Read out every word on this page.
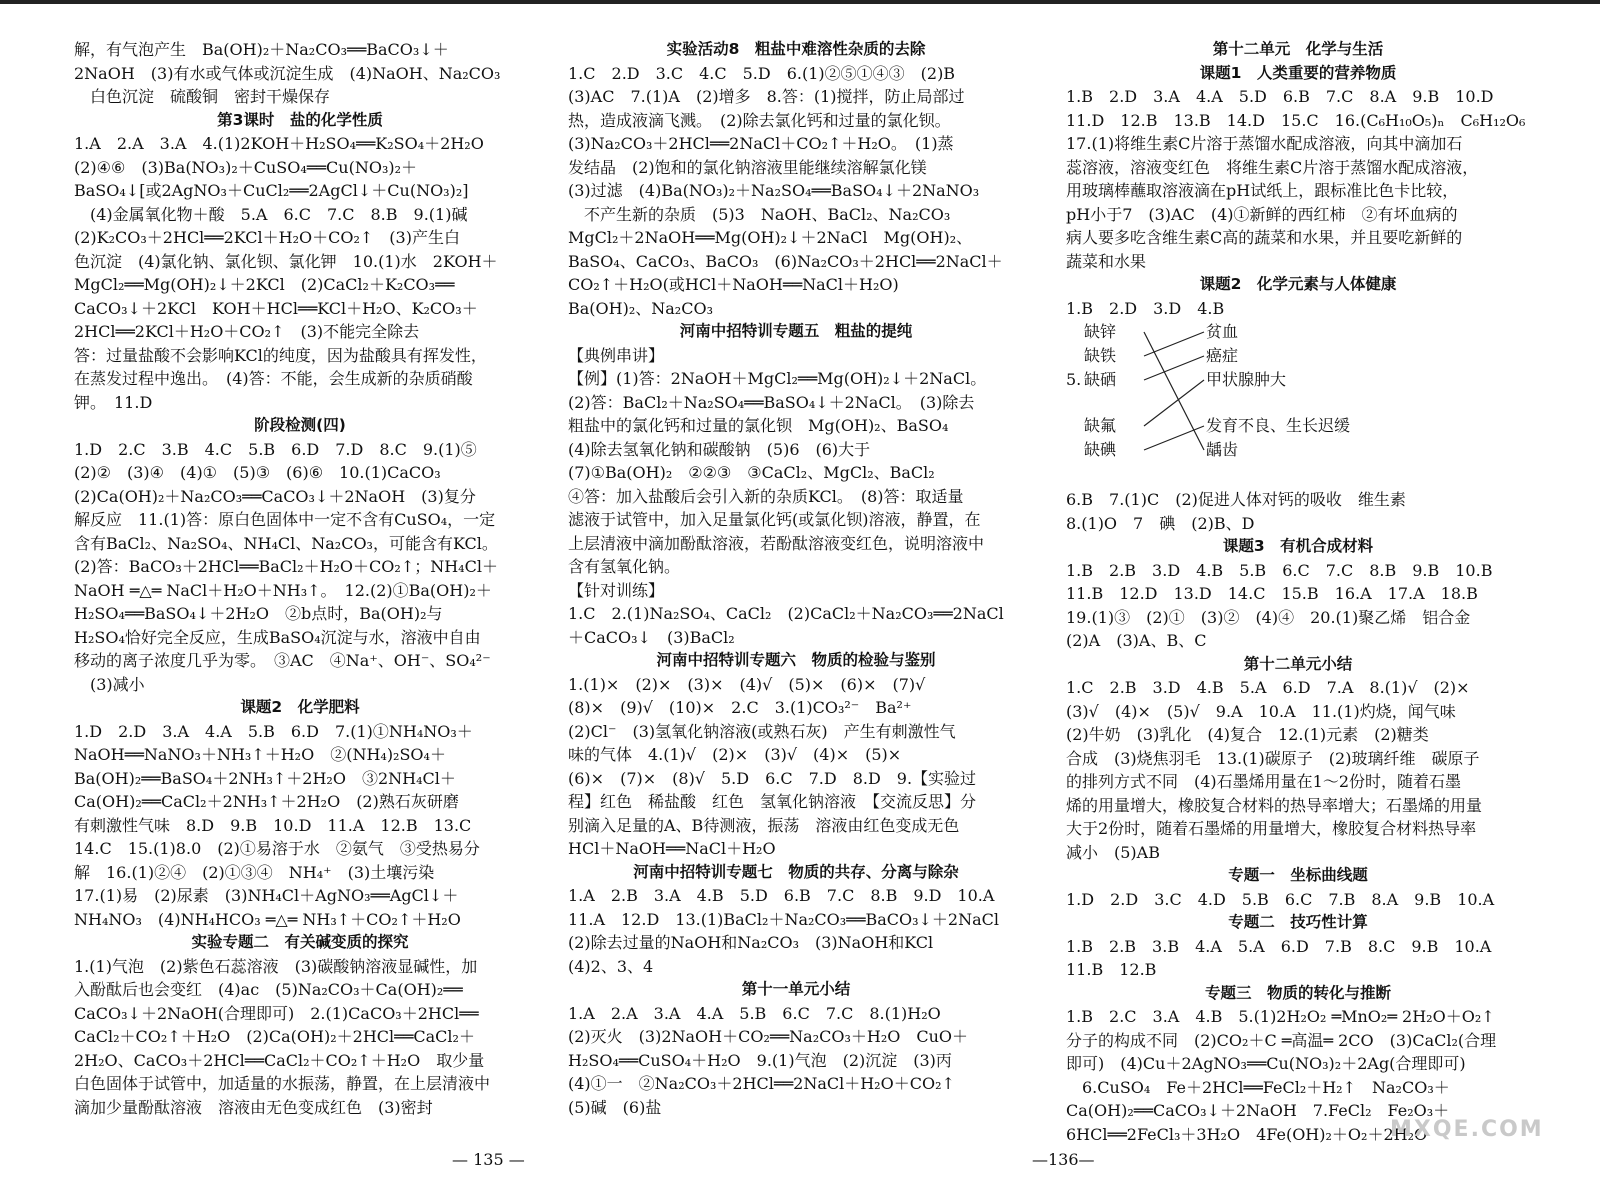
解，有气泡产生　Ba(OH)₂＋Na₂CO₃══BaCO₃↓＋
2NaOH　(3)有水或气体或沉淀生成　(4)NaOH、Na₂CO₃
　白色沉淀　硫酸铜　密封干燥保存
第3课时　盐的化学性质
1.A　2.A　3.A　4.(1)2KOH＋H₂SO₄══K₂SO₄＋2H₂O
(2)④⑥　(3)Ba(NO₃)₂＋CuSO₄══Cu(NO₃)₂＋
BaSO₄↓[或2AgNO₃＋CuCl₂══2AgCl↓＋Cu(NO₃)₂]
　(4)金属氧化物＋酸　5.A　6.C　7.C　8.B　9.(1)碱
(2)K₂CO₃＋2HCl══2KCl＋H₂O＋CO₂↑　(3)产生白
色沉淀　(4)氯化钠、氯化钡、氯化钾　10.(1)水　2KOH＋
MgCl₂══Mg(OH)₂↓＋2KCl　(2)CaCl₂＋K₂CO₃══
CaCO₃↓＋2KCl　KOH＋HCl══KCl＋H₂O、K₂CO₃＋
2HCl══2KCl＋H₂O＋CO₂↑　(3)不能完全除去
答：过量盐酸不会影响KCl的纯度，因为盐酸具有挥发性，
在蒸发过程中逸出。　(4)答：不能，会生成新的杂质硝酸
钾。　11.D
阶段检测(四)
1.D　2.C　3.B　4.C　5.B　6.D　7.D　8.C　9.(1)⑤
(2)②　(3)④　(4)①　(5)③　(6)⑥　10.(1)CaCO₃
(2)Ca(OH)₂＋Na₂CO₃══CaCO₃↓＋2NaOH　(3)复分
解反应　11.(1)答：原白色固体中一定不含有CuSO₄，一定
含有BaCl₂、Na₂SO₄、NH₄Cl、Na₂CO₃，可能含有KCl。
(2)答：BaCO₃＋2HCl══BaCl₂＋H₂O＋CO₂↑；NH₄Cl＋
NaOH ═△═ NaCl＋H₂O＋NH₃↑。　12.(2)①Ba(OH)₂＋
H₂SO₄══BaSO₄↓＋2H₂O　②b点时，Ba(OH)₂与
H₂SO₄恰好完全反应，生成BaSO₄沉淀与水，溶液中自由
移动的离子浓度几乎为零。　③AC　④Na⁺、OH⁻、SO₄²⁻
　(3)减小
课题2　化学肥料
1.D　2.D　3.A　4.A　5.B　6.D　7.(1)①NH₄NO₃＋
NaOH══NaNO₃＋NH₃↑＋H₂O　②(NH₄)₂SO₄＋
Ba(OH)₂══BaSO₄＋2NH₃↑＋2H₂O　③2NH₄Cl＋
Ca(OH)₂══CaCl₂＋2NH₃↑＋2H₂O　(2)熟石灰研磨
有刺激性气味　8.D　9.B　10.D　11.A　12.B　13.C
14.C　15.(1)8.0　(2)①易溶于水　②氨气　③受热易分
解　16.(1)②④　(2)①③④　NH₄⁺　(3)土壤污染
17.(1)易　(2)尿素　(3)NH₄Cl＋AgNO₃══AgCl↓＋
NH₄NO₃　(4)NH₄HCO₃ ═△═ NH₃↑＋CO₂↑＋H₂O
实验专题二　有关碱变质的探究
1.(1)气泡　(2)紫色石蕊溶液　(3)碳酸钠溶液显碱性，加
入酚酞后也会变红　(4)ac　(5)Na₂CO₃＋Ca(OH)₂══
CaCO₃↓＋2NaOH(合理即可)　2.(1)CaCO₃＋2HCl══
CaCl₂＋CO₂↑＋H₂O　(2)Ca(OH)₂＋2HCl══CaCl₂＋
2H₂O、CaCO₃＋2HCl══CaCl₂＋CO₂↑＋H₂O　取少量
白色固体于试管中，加适量的水振荡，静置，在上层清液中
滴加少量酚酞溶液　溶液由无色变成红色　(3)密封
实验活动8　粗盐中难溶性杂质的去除
1.C　2.D　3.C　4.C　5.D　6.(1)②⑤①④③　(2)B
(3)AC　7.(1)A　(2)增多　8.答：(1)搅拌，防止局部过
热，造成液滴飞溅。　(2)除去氯化钙和过量的氯化钡。
(3)Na₂CO₃＋2HCl══2NaCl＋CO₂↑＋H₂O。　(1)蒸
发结晶　(2)饱和的氯化钠溶液里能继续溶解氯化镁
(3)过滤　(4)Ba(NO₃)₂＋Na₂SO₄══BaSO₄↓＋2NaNO₃
　不产生新的杂质　(5)3　NaOH、BaCl₂、Na₂CO₃
MgCl₂＋2NaOH══Mg(OH)₂↓＋2NaCl　Mg(OH)₂、
BaSO₄、CaCO₃、BaCO₃　(6)Na₂CO₃＋2HCl══2NaCl＋
CO₂↑＋H₂O(或HCl＋NaOH══NaCl＋H₂O)
Ba(OH)₂、Na₂CO₃
河南中招特训专题五　粗盐的提纯
【典例串讲】
【例】(1)答：2NaOH＋MgCl₂══Mg(OH)₂↓＋2NaCl。
(2)答：BaCl₂＋Na₂SO₄══BaSO₄↓＋2NaCl。　(3)除去
粗盐中的氯化钙和过量的氯化钡　Mg(OH)₂、BaSO₄
(4)除去氢氧化钠和碳酸钠　(5)6　(6)大于
(7)①Ba(OH)₂　②②③　③CaCl₂、MgCl₂、BaCl₂
④答：加入盐酸后会引入新的杂质KCl。　(8)答：取适量
滤液于试管中，加入足量氯化钙(或氯化钡)溶液，静置，在
上层清液中滴加酚酞溶液，若酚酞溶液变红色，说明溶液中
含有氢氧化钠。
【针对训练】
1.C　2.(1)Na₂SO₄、CaCl₂　(2)CaCl₂＋Na₂CO₃══2NaCl
＋CaCO₃↓　(3)BaCl₂
河南中招特训专题六　物质的检验与鉴别
1.(1)×　(2)×　(3)×　(4)√　(5)×　(6)×　(7)√
(8)×　(9)√　(10)×　2.C　3.(1)CO₃²⁻　Ba²⁺
(2)Cl⁻　(3)氢氧化钠溶液(或熟石灰)　产生有刺激性气
味的气体　4.(1)√　(2)×　(3)√　(4)×　(5)×
(6)×　(7)×　(8)√　5.D　6.C　7.D　8.D　9.【实验过
程】红色　稀盐酸　红色　氢氧化钠溶液　【交流反思】分
别滴入足量的A、B待测液，振荡　溶液由红色变成无色
HCl＋NaOH══NaCl＋H₂O
河南中招特训专题七　物质的共存、分离与除杂
1.A　2.B　3.A　4.B　5.D　6.B　7.C　8.B　9.D　10.A
11.A　12.D　13.(1)BaCl₂＋Na₂CO₃══BaCO₃↓＋2NaCl
(2)除去过量的NaOH和Na₂CO₃　(3)NaOH和KCl
(4)2、3、4
第十一单元小结
1.A　2.A　3.A　4.A　5.B　6.C　7.C　8.(1)H₂O
(2)灭火　(3)2NaOH＋CO₂══Na₂CO₃＋H₂O　CuO＋
H₂SO₄══CuSO₄＋H₂O　9.(1)气泡　(2)沉淀　(3)丙
(4)①一　②Na₂CO₃＋2HCl══2NaCl＋H₂O＋CO₂↑
(5)碱　(6)盐
第十二单元　化学与生活
课题1　人类重要的营养物质
1.B　2.D　3.A　4.A　5.D　6.B　7.C　8.A　9.B　10.D
11.D　12.B　13.B　14.D　15.C　16.(C₆H₁₀O₅)ₙ　C₆H₁₂O₆
17.(1)将维生素C片溶于蒸馏水配成溶液，向其中滴加石
蕊溶液，溶液变红色　将维生素C片溶于蒸馏水配成溶液，
用玻璃棒蘸取溶液滴在pH试纸上，跟标准比色卡比较，
pH小于7　(3)AC　(4)①新鲜的西红柿　②有坏血病的
病人要多吃含维生素C高的蔬菜和水果，并且要吃新鲜的
蔬菜和水果
课题2　化学元素与人体健康
1.B　2.D　3.D　4.B
5.
缺锌
缺铁
缺硒
缺氟
缺碘
贫血
癌症
甲状腺肿大
发育不良、生长迟缓
龋齿
6.B　7.(1)C　(2)促进人体对钙的吸收　维生素
8.(1)O　7　碘　(2)B、D
课题3　有机合成材料
1.B　2.B　3.D　4.B　5.B　6.C　7.C　8.B　9.B　10.B
11.B　12.D　13.D　14.C　15.B　16.A　17.A　18.B
19.(1)③　(2)①　(3)②　(4)④　20.(1)聚乙烯　铝合金
(2)A　(3)A、B、C
第十二单元小结
1.C　2.B　3.D　4.B　5.A　6.D　7.A　8.(1)√　(2)×
(3)√　(4)×　(5)√　9.A　10.A　11.(1)灼烧，闻气味
(2)牛奶　(3)乳化　(4)复合　12.(1)元素　(2)糖类
合成　(3)烧焦羽毛　13.(1)碳原子　(2)玻璃纤维　碳原子
的排列方式不同　(4)石墨烯用量在1～2份时，随着石墨
烯的用量增大，橡胶复合材料的热导率增大；石墨烯的用量
大于2份时，随着石墨烯的用量增大，橡胶复合材料热导率
减小　(5)AB
专题一　坐标曲线题
1.D　2.D　3.C　4.D　5.B　6.C　7.B　8.A　9.B　10.A
专题二　技巧性计算
1.B　2.B　3.B　4.A　5.A　6.D　7.B　8.C　9.B　10.A
11.B　12.B
专题三　物质的转化与推断
1.B　2.C　3.A　4.B　5.(1)2H₂O₂ ═MnO₂═ 2H₂O＋O₂↑
分子的构成不同　(2)CO₂＋C ═高温═ 2CO　(3)CaCl₂(合理
即可)　(4)Cu＋2AgNO₃══Cu(NO₃)₂＋2Ag(合理即可)
　6.CuSO₄　Fe＋2HCl══FeCl₂＋H₂↑　Na₂CO₃＋
Ca(OH)₂══CaCO₃↓＋2NaOH　7.FeCl₂　Fe₂O₃＋
6HCl══2FeCl₃＋3H₂O　4Fe(OH)₂＋O₂＋2H₂O
— 135 —	—136—
MXQE.COM
